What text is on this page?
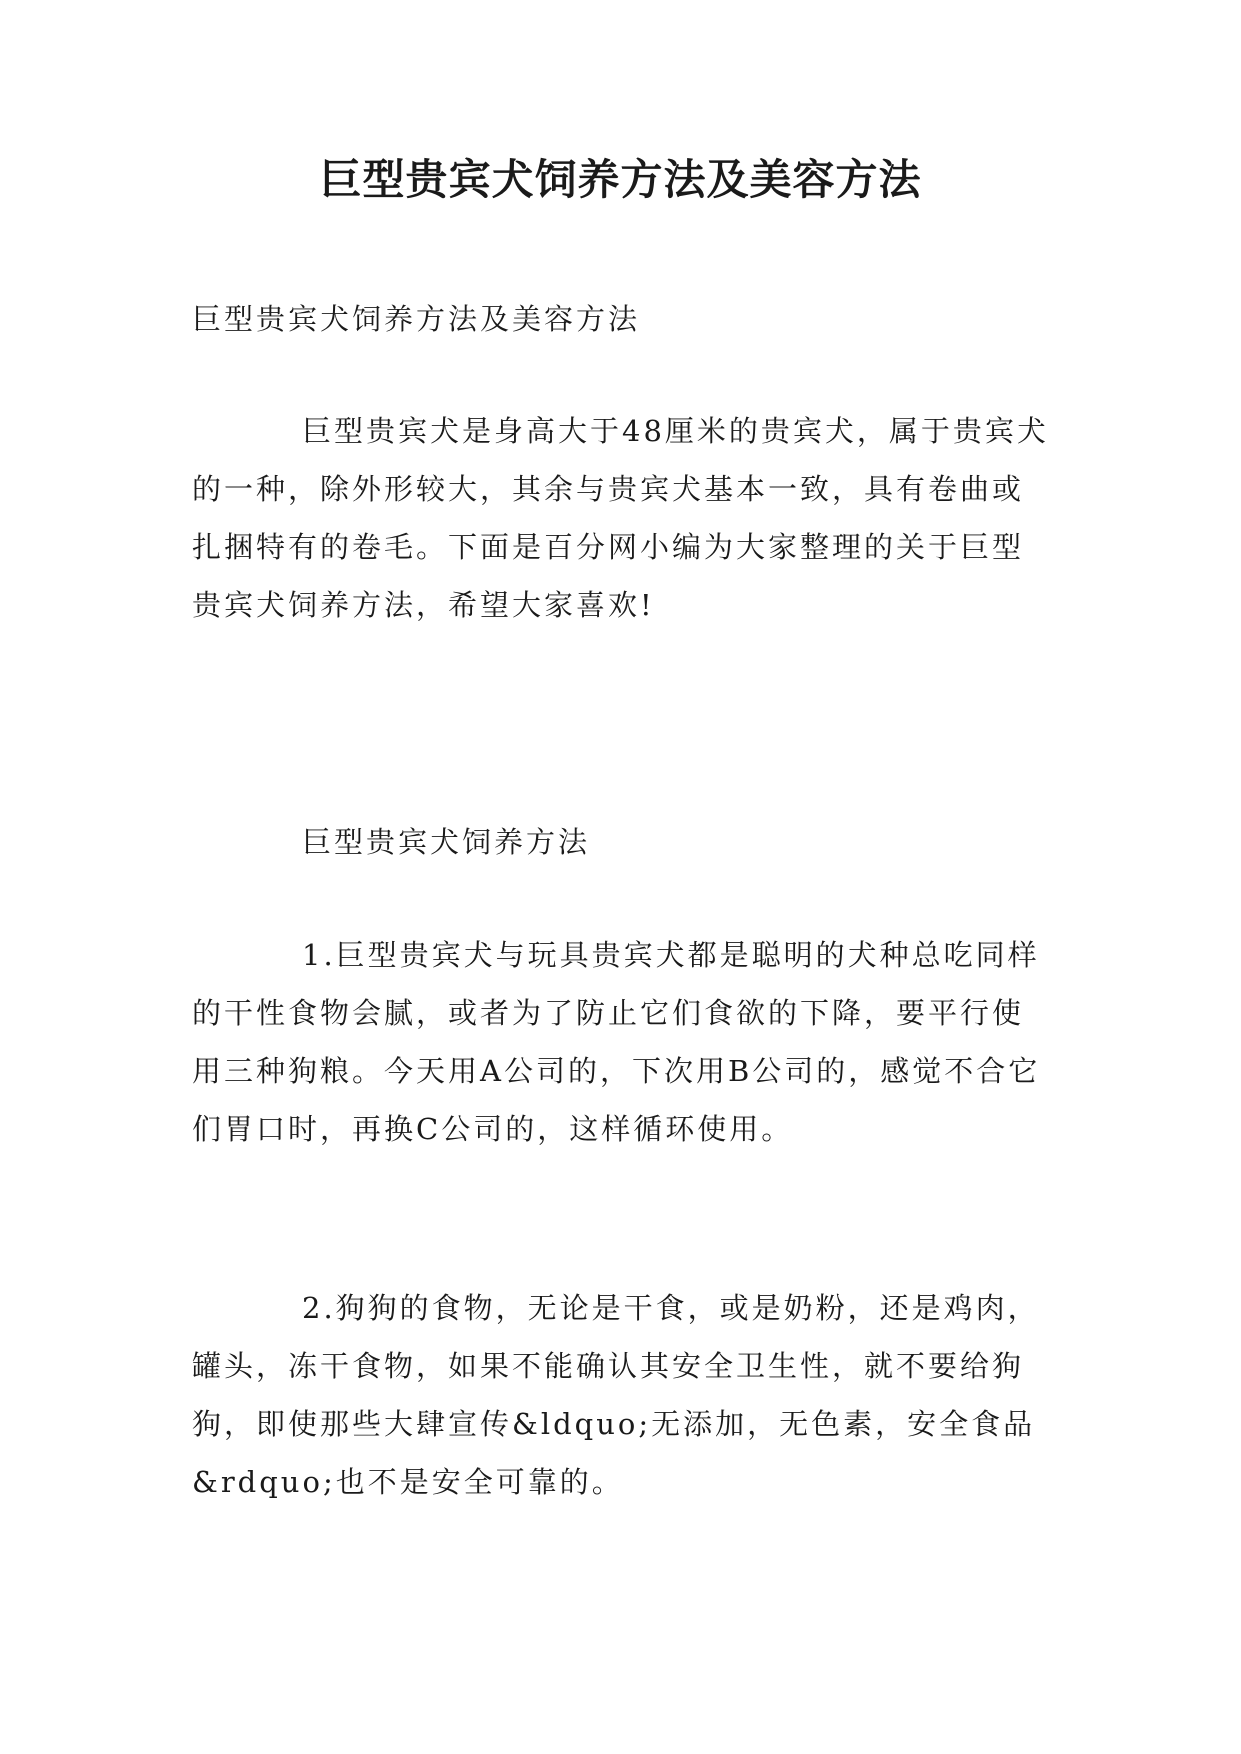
巨型贵宾犬饲养方法及美容方法

巨型贵宾犬饲养方法及美容方法

巨型贵宾犬是身高大于48厘米的贵宾犬，属于贵宾犬的一种，除外形较大，其余与贵宾犬基本一致，具有卷曲或扎捆特有的卷毛。下面是百分网小编为大家整理的关于巨型贵宾犬饲养方法，希望大家喜欢!

巨型贵宾犬饲养方法

1.巨型贵宾犬与玩具贵宾犬都是聪明的犬种总吃同样的干性食物会腻，或者为了防止它们食欲的下降，要平行使用三种狗粮。今天用A公司的，下次用B公司的，感觉不合它们胃口时，再换C公司的，这样循环使用。

2.狗狗的食物，无论是干食，或是奶粉，还是鸡肉，罐头，冻干食物，如果不能确认其安全卫生性，就不要给狗狗，即使那些大肆宣传&ldquo;无添加，无色素，安全食品&rdquo;也不是安全可靠的。
